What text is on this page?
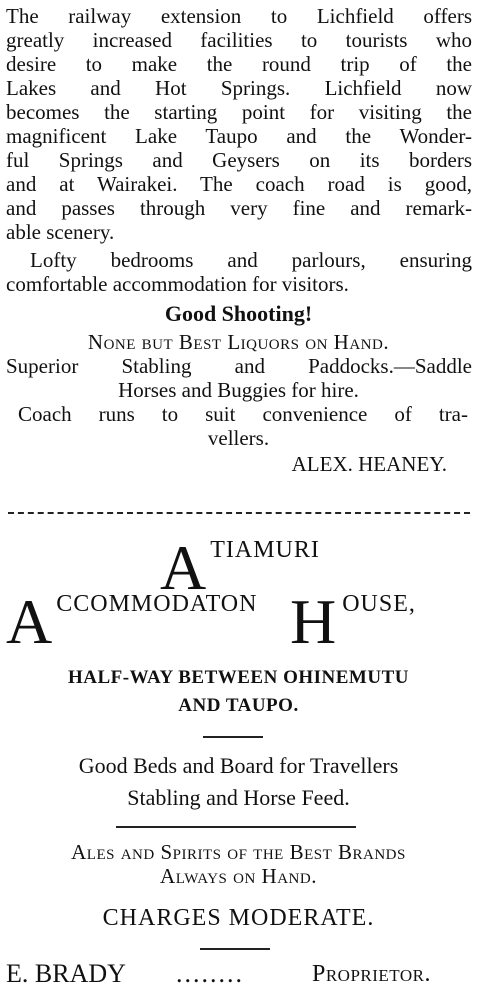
The railway extension to Lichfield offers
greatly increased facilities to tourists who
desire to make the round trip of the
Lakes and Hot Springs. Lichfield now
becomes the starting point for visiting the
magnificent Lake Taupo and the Wonder-
ful Springs and Geysers on its borders
and at Wairakei. The coach road is good,
and passes through very fine and remark-
able scenery.
Lofty bedrooms and parlours, ensuring
comfortable accommodation for visitors.
Good Shooting!
None but Best Liquors on Hand.
Superior Stabling and Paddocks.—Saddle
Horses and Buggies for hire.
Coach runs to suit convenience of tra-
vellers.
ALEX. HEANEY.
ATIAMURI
ACCOMMODATON HOUSE,
HALF-WAY BETWEEN OHINEMUTU
AND TAUPO.
Good Beds and Board for Travellers
Stabling and Horse Feed.
Ales and Spirits of the Best Brands
Always on Hand.
CHARGES MODERATE.
E. BRADY ........	Proprietor.
